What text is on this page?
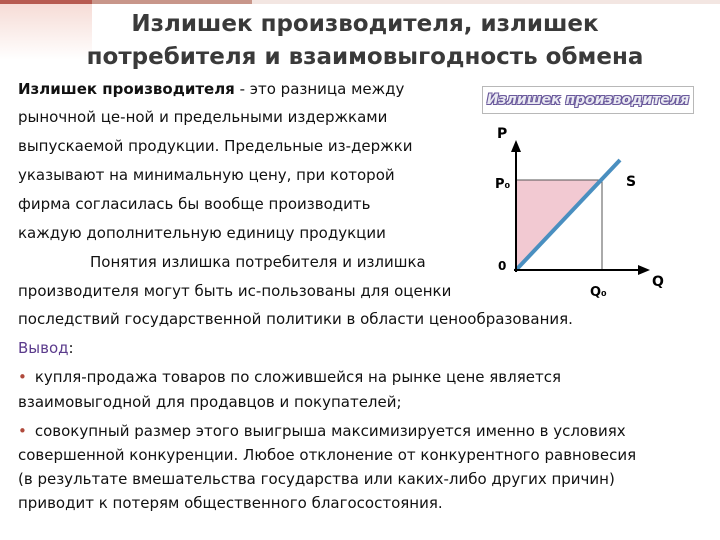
Излишек производителя, излишек
потребителя и взаимовыгодность обмена
Излишек производителя - это разница между
рыночной це-ной и предельными издержками
выпускаемой продукции. Предельные из-держки
указывают на минимальную цену, при которой
фирма согласилась бы вообще производить
каждую дополнительную единицу продукции
Понятия излишка потребителя и излишка
производителя могут быть ис-пользованы для оценки
последствий государственной политики в области ценообразования.
Вывод:
• купля-продажа товаров по сложившейся на рынке цене является
взаимовыгодной для продавцов и покупателей;
• совокупный размер этого выигрыша максимизируется именно в условиях
совершенной конкуренции. Любое отклонение от конкурентного равновесия
(в результате вмешательства государства или каких-либо других причин)
приводит к потерям общественного благосостояния.
Излишек производителя
P
P₀
0
Q₀
Q
S
